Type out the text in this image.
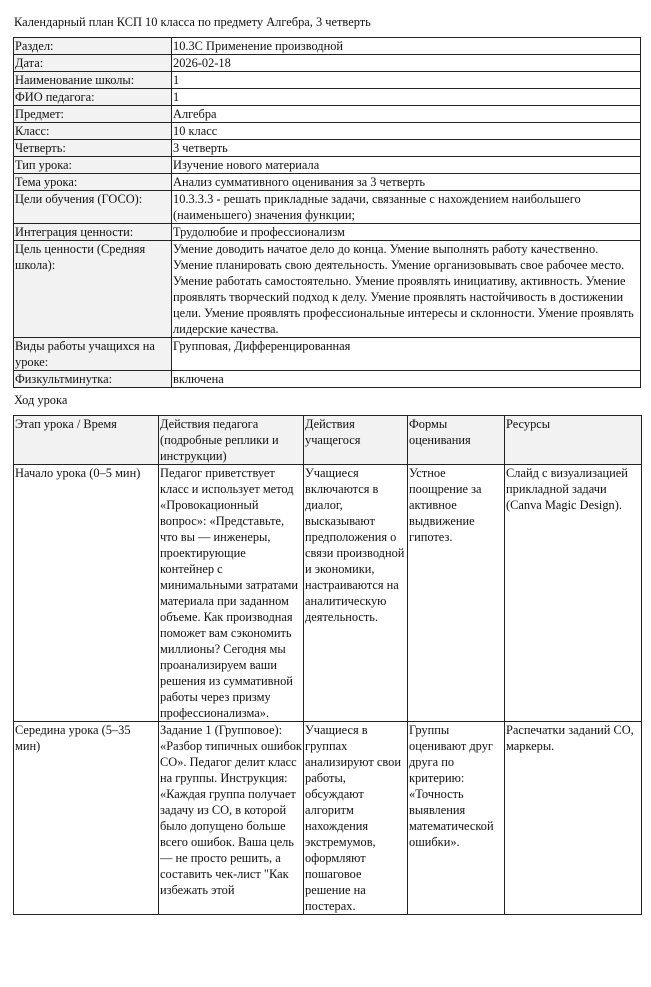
Календарный план КСП 10 класса по предмету Алгебра, 3 четверть
Раздел:	10.3С Применение производной
Дата:	2026-02-18
Наименование школы:	1
ФИО педагога:	1
Предмет:	Алгебра
Класс:	10 класс
Четверть:	3 четверть
Тип урока:	Изучение нового материала
Тема урока:	Анализ суммативного оценивания за 3 четверть
Цели обучения (ГОСО):	10.3.3.3 - решать прикладные задачи, связанные с нахождением наибольшего (наименьшего) значения функции;
Интеграция ценности:	Трудолюбие и профессионализм
Цель ценности (Средняя школа):	Умение доводить начатое дело до конца. Умение выполнять работу качественно. Умение планировать свою деятельность. Умение организовывать свое рабочее место. Умение работать самостоятельно. Умение проявлять инициативу, активность. Умение проявлять творческий подход к делу. Умение проявлять настойчивость в достижении цели. Умение проявлять профессиональные интересы и склонности. Умение проявлять лидерские качества.
Виды работы учащихся на уроке:	Групповая, Дифференцированная
Физкультминутка:	включена
Ход урока
Этап урока / Время	Действия педагога (подробные реплики и инструкции)	Действия учащегося	Формы оценивания	Ресурсы
Начало урока (0–5 мин)	Педагог приветствует класс и использует метод «Провокационный вопрос»: «Представьте, что вы — инженеры, проектирующие контейнер с минимальными затратами материала при заданном объеме. Как производная поможет вам сэкономить миллионы? Сегодня мы проанализируем ваши решения из суммативной работы через призму профессионализма».	Учащиеся включаются в диалог, высказывают предположения о связи производной и экономики, настраиваются на аналитическую деятельность.	Устное поощрение за активное выдвижение гипотез.	Слайд с визуализацией прикладной задачи (Canva Magic Design).
Середина урока (5–35 мин)	Задание 1 (Групповое): «Разбор типичных ошибок СО». Педагог делит класс на группы. Инструкция: «Каждая группа получает задачу из СО, в которой было допущено больше всего ошибок. Ваша цель — не просто решить, а составить чек-лист "Как избежать этой	Учащиеся в группах анализируют свои работы, обсуждают алгоритм нахождения экстремумов, оформляют пошаговое решение на постерах.	Группы оценивают друг друга по критерию: «Точность выявления математической ошибки».	Распечатки заданий СО, маркеры.
